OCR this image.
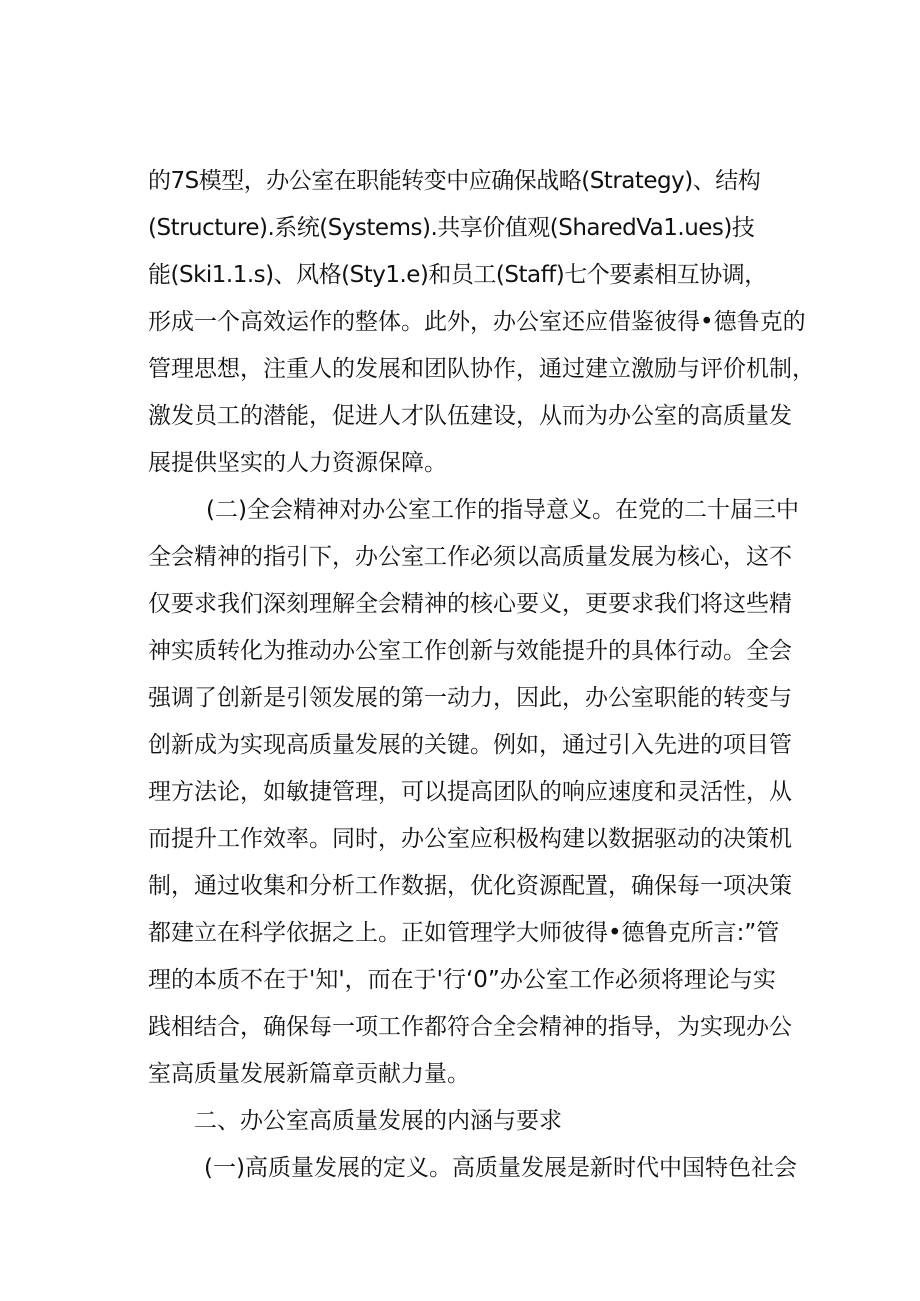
的7S模型，办公室在职能转变中应确保战略(Strategy)、结构
(Structure).系统(Systems).共享价值观(SharedVa1.ues)技
能(Ski1.1.s)、风格(Sty1.e)和员工(Staff)七个要素相互协调，
形成一个高效运作的整体。此外，办公室还应借鉴彼得•德鲁克的
管理思想，注重人的发展和团队协作，通过建立激励与评价机制，
激发员工的潜能，促进人才队伍建设，从而为办公室的高质量发
展提供坚实的人力资源保障。
(二)全会精神对办公室工作的指导意义。在党的二十届三中
全会精神的指引下，办公室工作必须以高质量发展为核心，这不
仅要求我们深刻理解全会精神的核心要义，更要求我们将这些精
神实质转化为推动办公室工作创新与效能提升的具体行动。全会
强调了创新是引领发展的第一动力，因此，办公室职能的转变与
创新成为实现高质量发展的关键。例如，通过引入先进的项目管
理方法论，如敏捷管理，可以提高团队的响应速度和灵活性，从
而提升工作效率。同时，办公室应积极构建以数据驱动的决策机
制，通过收集和分析工作数据，优化资源配置，确保每一项决策
都建立在科学依据之上。正如管理学大师彼得•德鲁克所言:”管
理的本质不在于'知'，而在于'行‘0”办公室工作必须将理论与实
践相结合，确保每一项工作都符合全会精神的指导，为实现办公
室高质量发展新篇章贡献力量。
二、办公室高质量发展的内涵与要求
(一)高质量发展的定义。高质量发展是新时代中国特色社会
